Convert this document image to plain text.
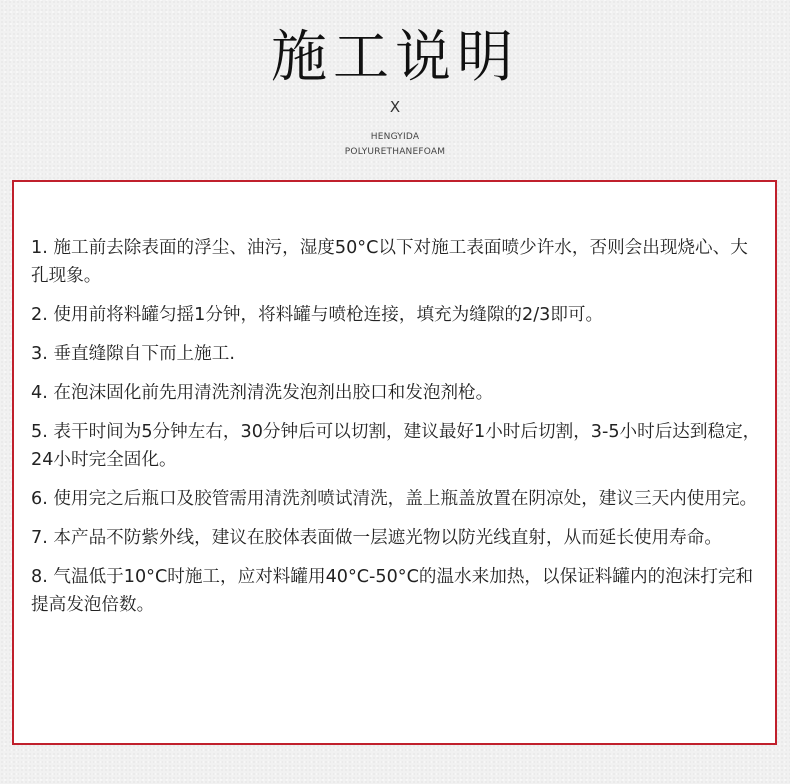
施工说明
X
HENGYIDA
POLYURETHANEFOAM
1. 施工前去除表面的浮尘、油污，湿度50°C以下对施工表面喷少许水，否则会出现烧心、大孔现象。
2. 使用前将料罐匀摇1分钟，将料罐与喷枪连接，填充为缝隙的2/3即可。
3. 垂直缝隙自下而上施工.
4. 在泡沫固化前先用清洗剂清洗发泡剂出胶口和发泡剂枪。
5. 表干时间为5分钟左右，30分钟后可以切割，建议最好1小时后切割，3-5小时后达到稳定，24小时完全固化。
6. 使用完之后瓶口及胶管需用清洗剂喷试清洗，盖上瓶盖放置在阴凉处，建议三天内使用完。
7. 本产品不防紫外线，建议在胶体表面做一层遮光物以防光线直射，从而延长使用寿命。
8. 气温低于10°C时施工，应对料罐用40°C-50°C的温水来加热，以保证料罐内的泡沫打完和提高发泡倍数。
